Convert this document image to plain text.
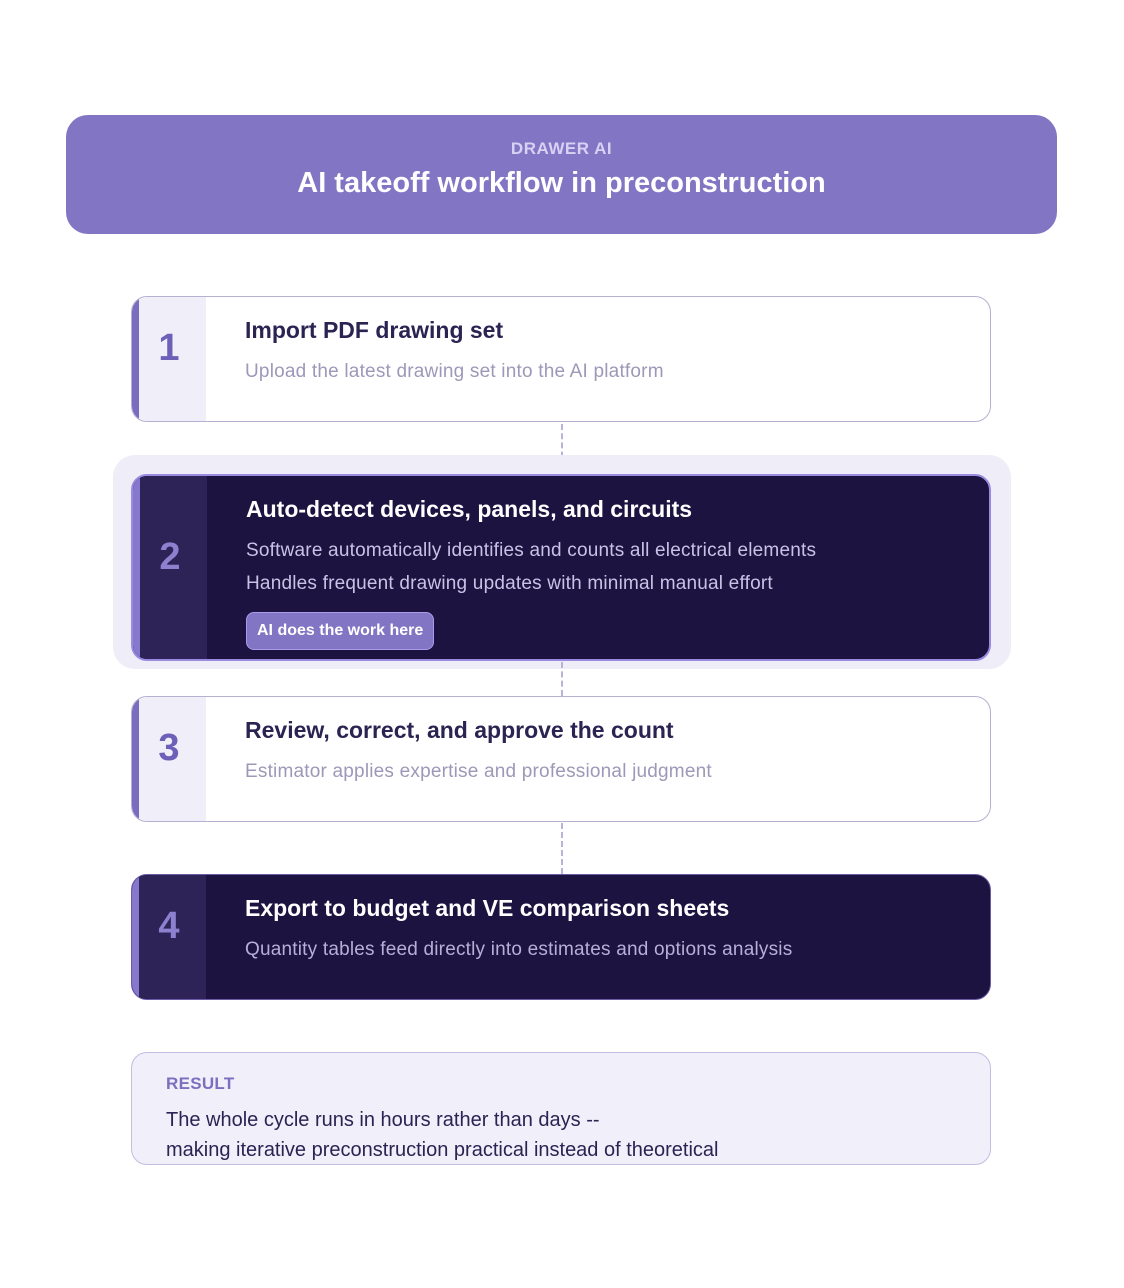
DRAWER AI
AI takeoff workflow in preconstruction
1	Import PDF drawing set
Upload the latest drawing set into the AI platform
2
Auto-detect devices, panels, and circuits
Software automatically identifies and counts all electrical elements
Handles frequent drawing updates with minimal manual effort
AI does the work here
3	Review, correct, and approve the count
Estimator applies expertise and professional judgment
4	Export to budget and VE comparison sheets
Quantity tables feed directly into estimates and options analysis
RESULT
The whole cycle runs in hours rather than days --
making iterative preconstruction practical instead of theoretical
